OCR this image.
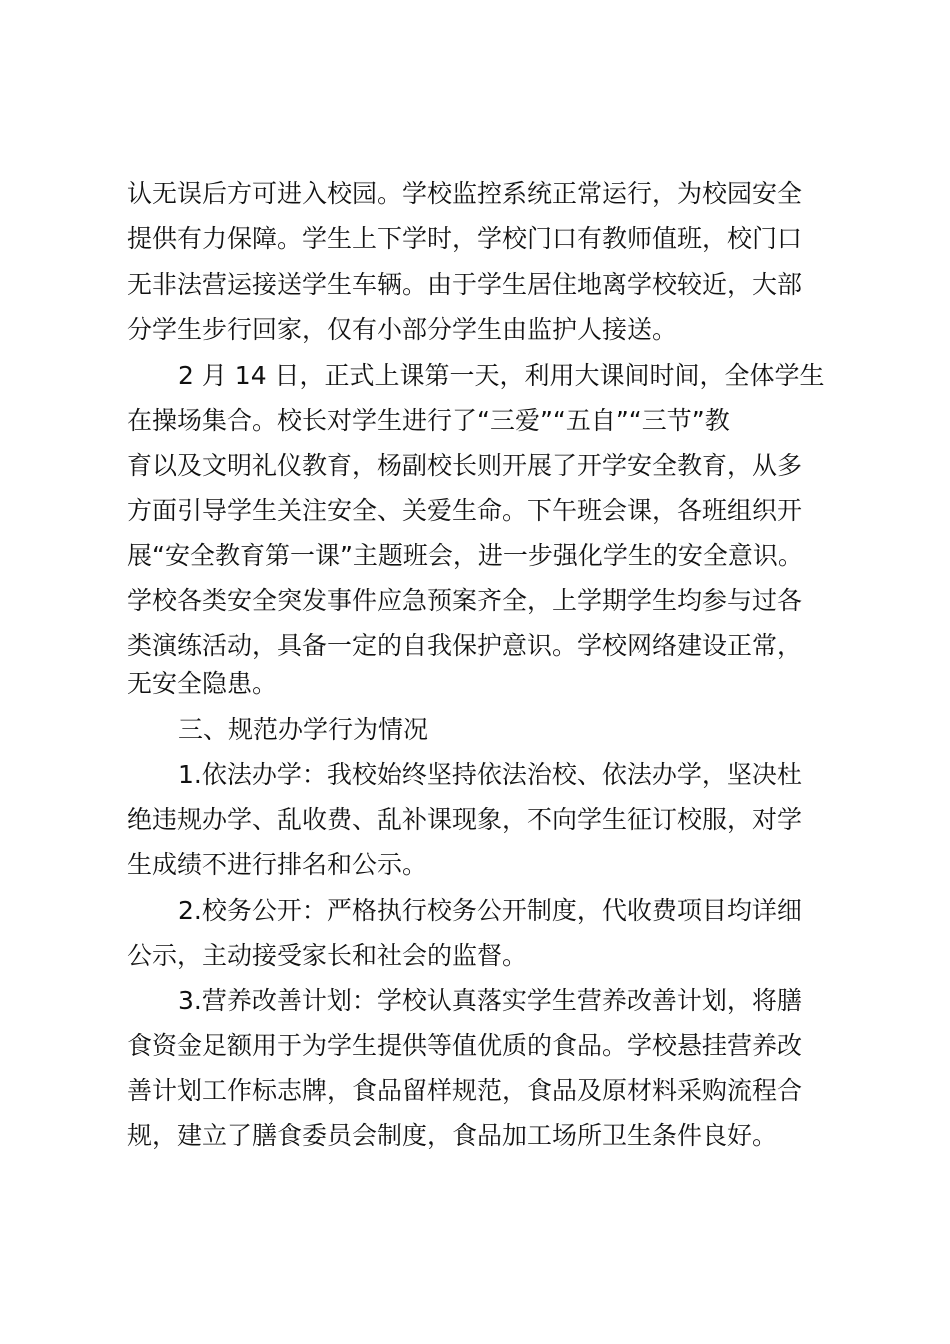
认无误后方可进入校园。学校监控系统正常运行，为校园安全
提供有力保障。学生上下学时，学校门口有教师值班，校门口
无非法营运接送学生车辆。由于学生居住地离学校较近，大部
分学生步行回家，仅有小部分学生由监护人接送。
2 月 14 日，正式上课第一天，利用大课间时间，全体学生
在操场集合。校长对学生进行了“三爱”“五自”“三节”教
育以及文明礼仪教育，杨副校长则开展了开学安全教育，从多
方面引导学生关注安全、关爱生命。下午班会课，各班组织开
展“安全教育第一课”主题班会，进一步强化学生的安全意识。
学校各类安全突发事件应急预案齐全，上学期学生均参与过各
类演练活动，具备一定的自我保护意识。学校网络建设正常，
无安全隐患。
三、规范办学行为情况
1.依法办学：我校始终坚持依法治校、依法办学，坚决杜
绝违规办学、乱收费、乱补课现象，不向学生征订校服，对学
生成绩不进行排名和公示。
2.校务公开：严格执行校务公开制度，代收费项目均详细
公示，主动接受家长和社会的监督。
3.营养改善计划：学校认真落实学生营养改善计划，将膳
食资金足额用于为学生提供等值优质的食品。学校悬挂营养改
善计划工作标志牌，食品留样规范，食品及原材料采购流程合
规，建立了膳食委员会制度，食品加工场所卫生条件良好。
